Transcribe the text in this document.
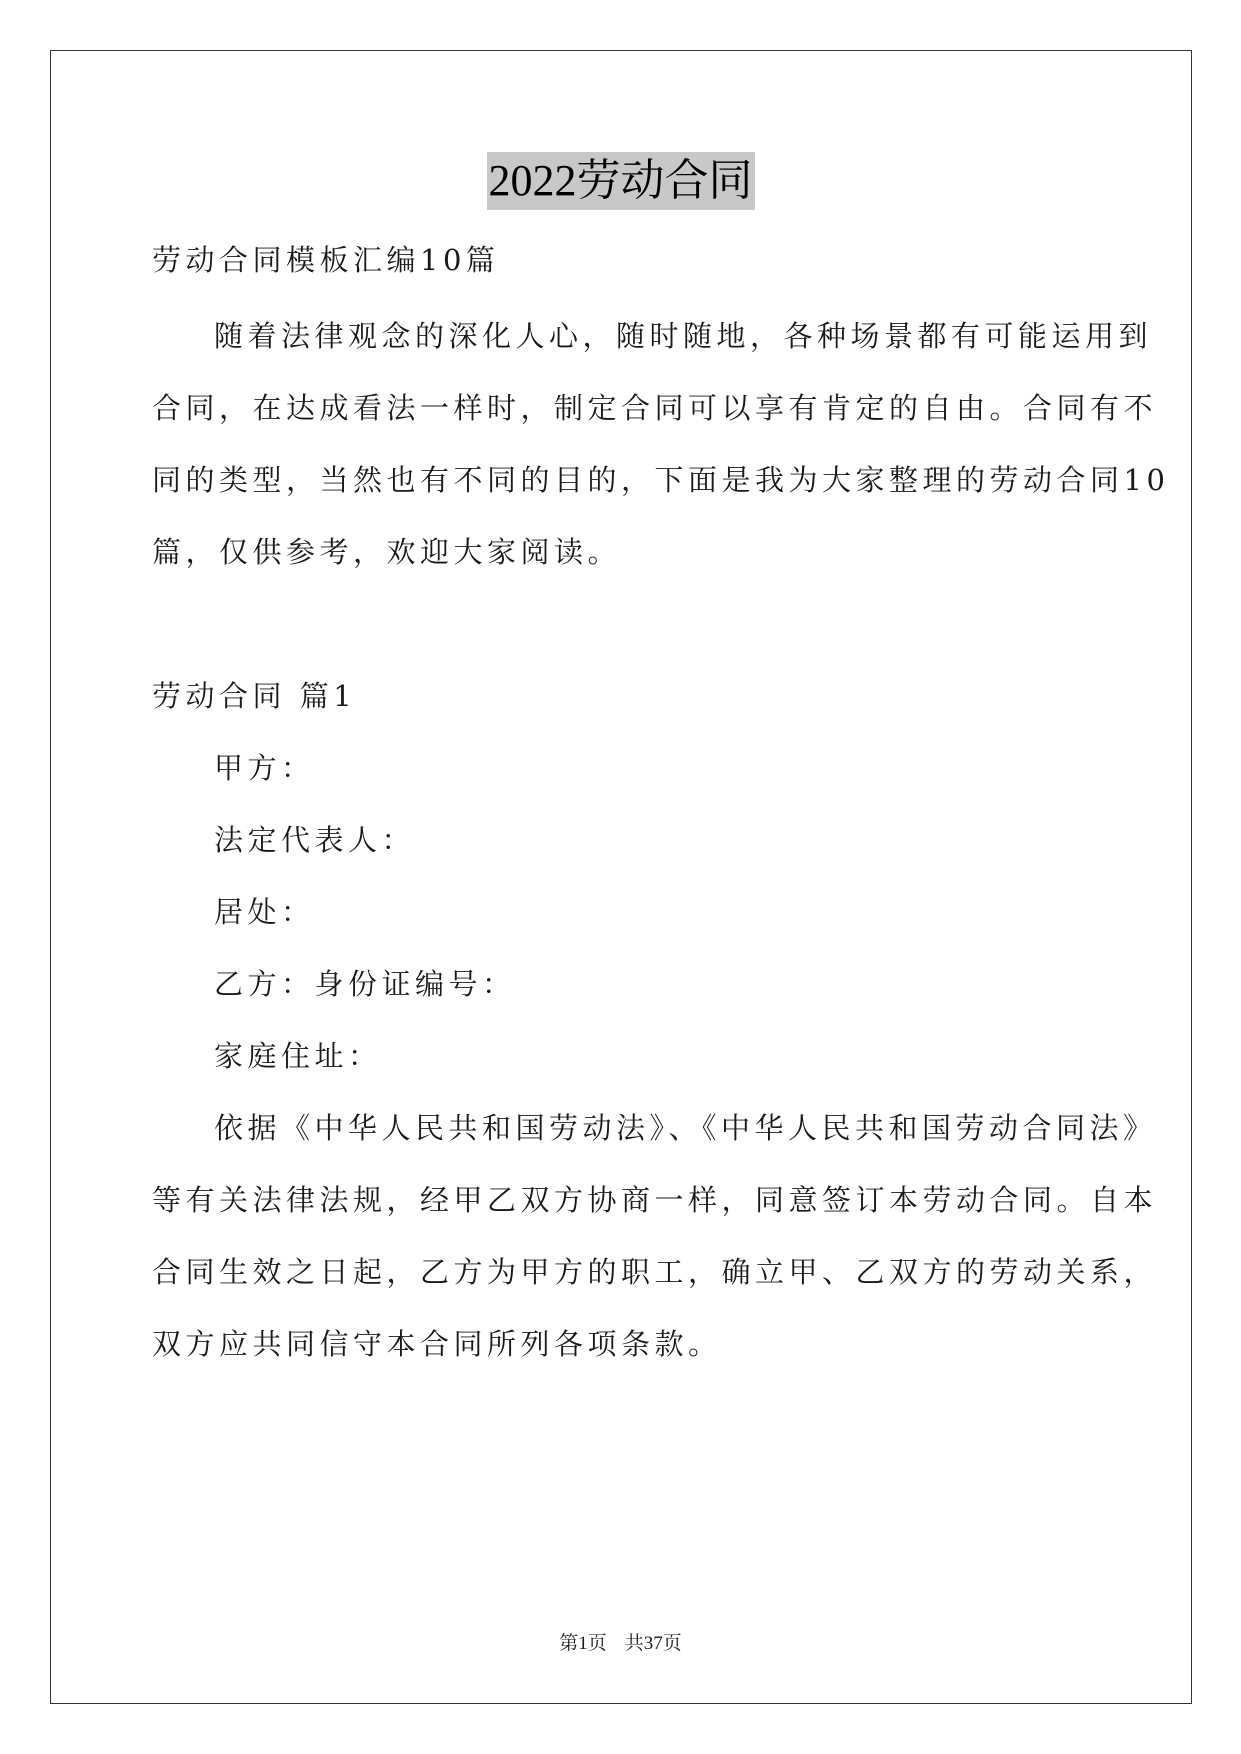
2022劳动合同
劳动合同模板汇编10篇
随着法律观念的深化人心，随时随地，各种场景都有可能运用到
合同，在达成看法一样时，制定合同可以享有肯定的自由。合同有不
同的类型，当然也有不同的目的，下面是我为大家整理的劳动合同10
篇，仅供参考，欢迎大家阅读。
劳动合同 篇1
甲方：
法定代表人：
居处：
乙方：身份证编号：
家庭住址：
依据《中华人民共和国劳动法》、《中华人民共和国劳动合同法》
等有关法律法规，经甲乙双方协商一样，同意签订本劳动合同。自本
合同生效之日起，乙方为甲方的职工，确立甲、乙双方的劳动关系，
双方应共同信守本合同所列各项条款。
第1页 共37页
